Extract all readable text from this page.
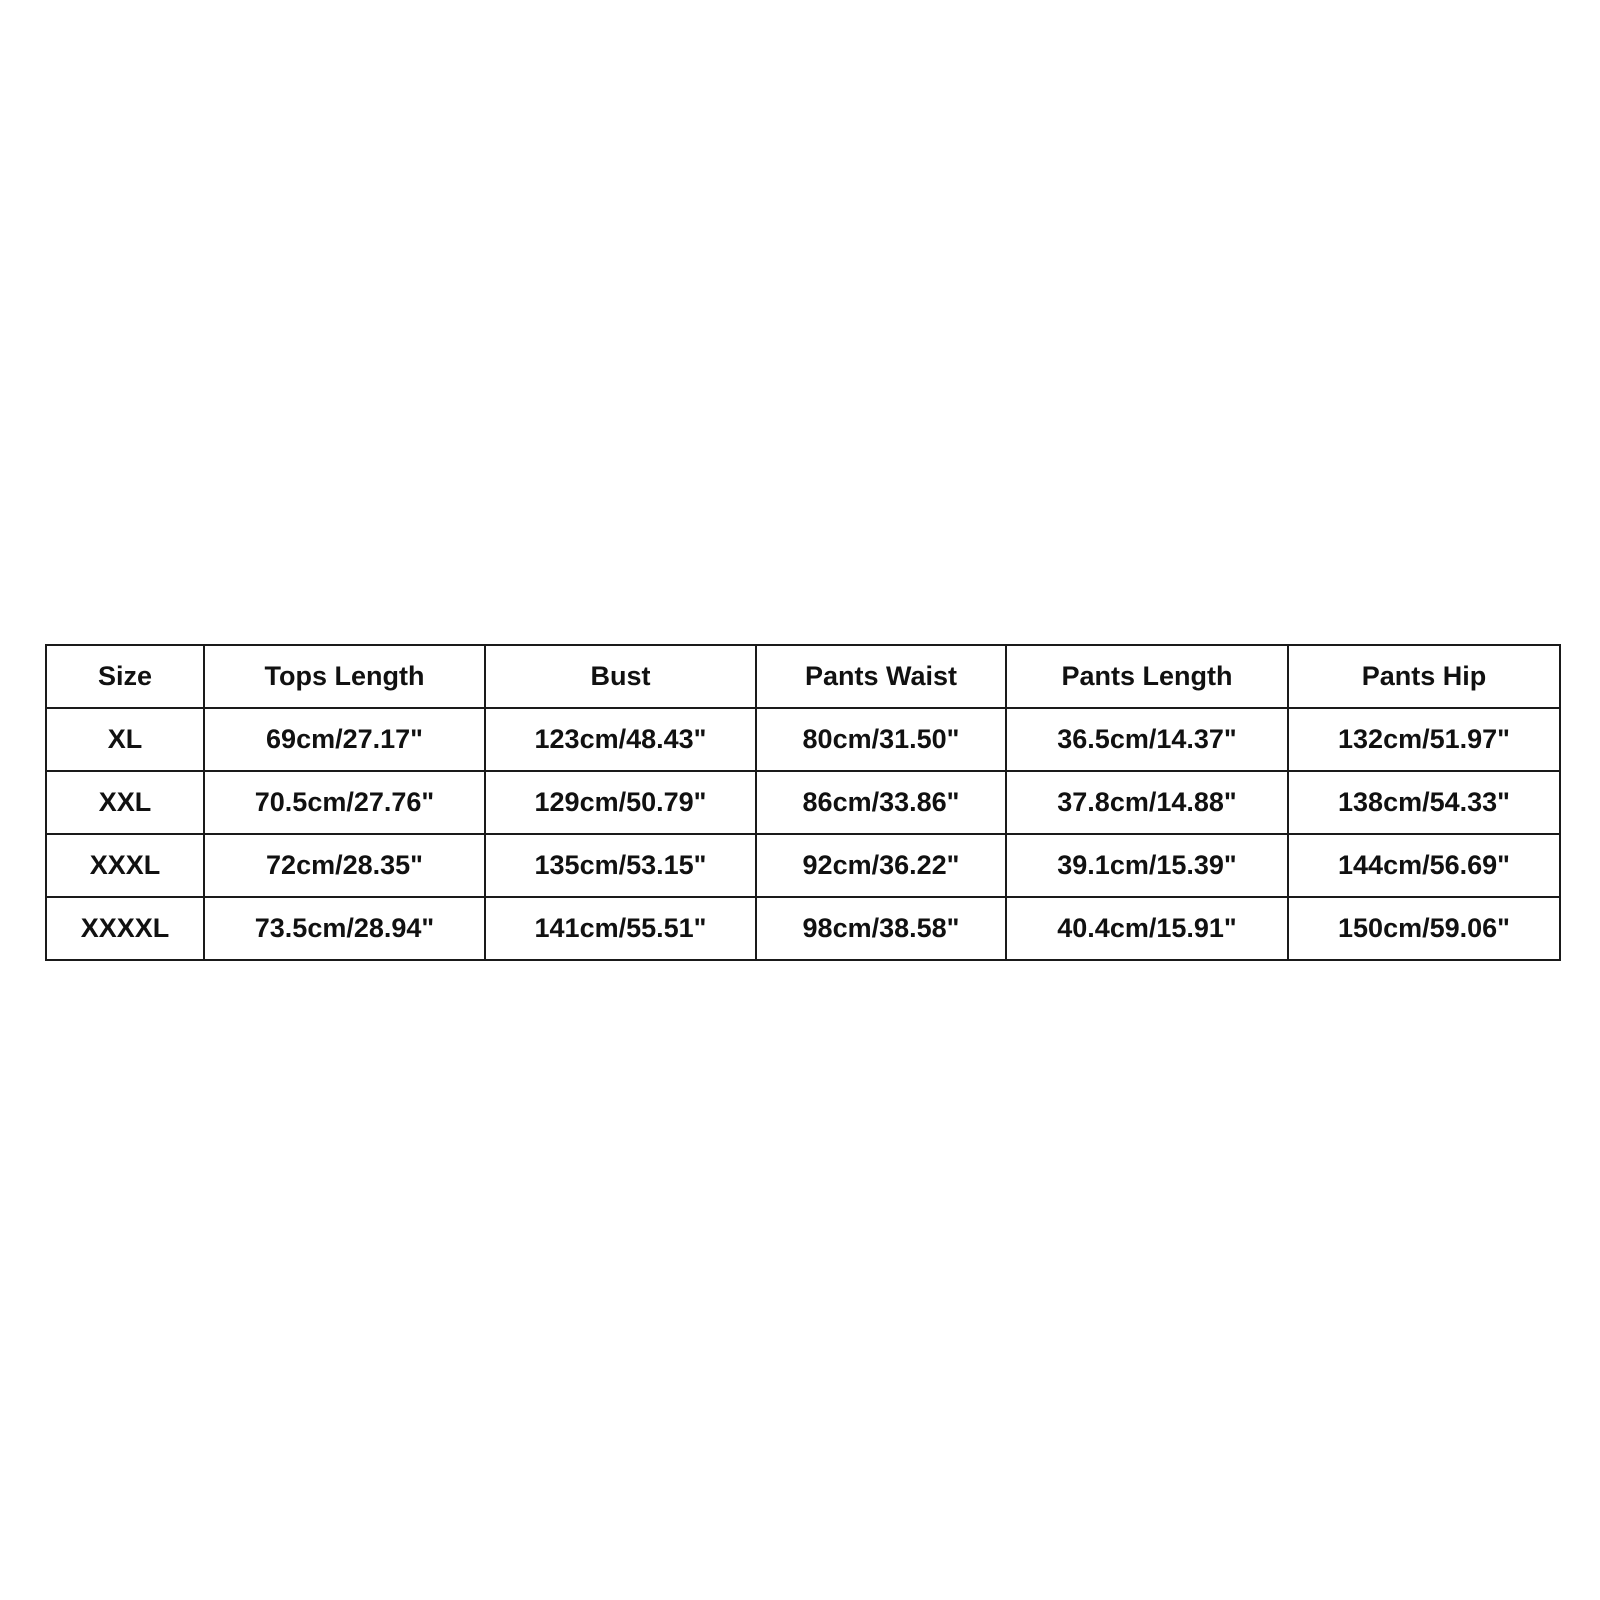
Size	Tops Length	Bust	Pants Waist	Pants Length	Pants Hip
XL	69cm/27.17"	123cm/48.43"	80cm/31.50"	36.5cm/14.37"	132cm/51.97"
XXL	70.5cm/27.76"	129cm/50.79"	86cm/33.86"	37.8cm/14.88"	138cm/54.33"
XXXL	72cm/28.35"	135cm/53.15"	92cm/36.22"	39.1cm/15.39"	144cm/56.69"
XXXXL	73.5cm/28.94"	141cm/55.51"	98cm/38.58"	40.4cm/15.91"	150cm/59.06"
